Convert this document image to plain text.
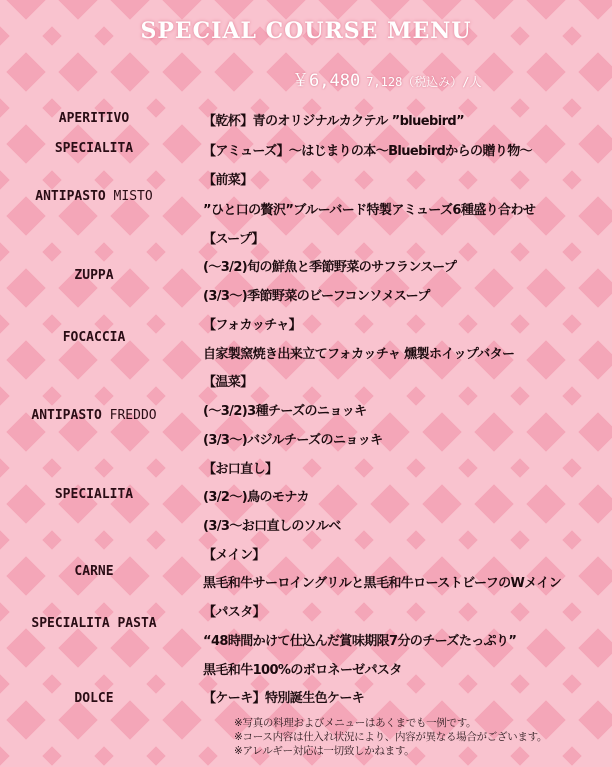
SPECIAL COURSE MENU
￥6,480 7,128（税込み）/人
APERITIVO
SPECIALITA
ANTIPASTO MISTO
ZUPPA
FOCACCIA
ANTIPASTO FREDDO
SPECIALITA
CARNE
SPECIALITA PASTA
DOLCE
【乾杯】青のオリジナルカクテル ”bluebird”
【アミューズ】〜はじまりの本〜Bluebirdからの贈り物〜
【前菜】
”ひと口の贅沢”ブルーバード特製アミューズ6種盛り合わせ
【スープ】
(〜3/2)旬の鮮魚と季節野菜のサフランスープ
(3/3〜)季節野菜のビーフコンソメスープ
【フォカッチャ】
自家製窯焼き出来立てフォカッチャ 燻製ホイップバター
【温菜】
(〜3/2)3種チーズのニョッキ
(3/3〜)バジルチーズのニョッキ
【お口直し】
(3/2〜)鳥のモナカ
(3/3〜お口直しのソルベ
【メイン】
黒毛和牛サーロイングリルと黒毛和牛ローストビーフのWメイン
【パスタ】
“48時間かけて仕込んだ賞味期限7分のチーズたっぷり”
黒毛和牛100%のボロネーゼパスタ
【ケーキ】特別誕生色ケーキ
※写真の料理およびメニューはあくまでも一例です。
※コース内容は仕入れ状況により、内容が異なる場合がございます。
※アレルギー対応は一切致しかねます。
